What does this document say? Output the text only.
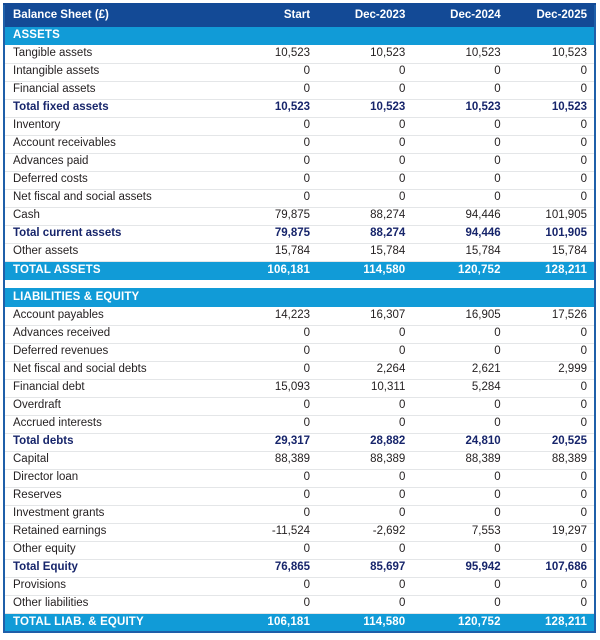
Balance Sheet (£)	Start	Dec-2023	Dec-2024	Dec-2025
ASSETS				
Tangible assets	10,523	10,523	10,523	10,523
Intangible assets	0	0	0	0
Financial assets	0	0	0	0
Total fixed assets	10,523	10,523	10,523	10,523
Inventory	0	0	0	0
Account receivables	0	0	0	0
Advances paid	0	0	0	0
Deferred costs	0	0	0	0
Net fiscal and social assets	0	0	0	0
Cash	79,875	88,274	94,446	101,905
Total current assets	79,875	88,274	94,446	101,905
Other assets	15,784	15,784	15,784	15,784
TOTAL ASSETS	106,181	114,580	120,752	128,211

LIABILITIES & EQUITY				
Account payables	14,223	16,307	16,905	17,526
Advances received	0	0	0	0
Deferred revenues	0	0	0	0
Net fiscal and social debts	0	2,264	2,621	2,999
Financial debt	15,093	10,311	5,284	0
Overdraft	0	0	0	0
Accrued interests	0	0	0	0
Total debts	29,317	28,882	24,810	20,525
Capital	88,389	88,389	88,389	88,389
Director loan	0	0	0	0
Reserves	0	0	0	0
Investment grants	0	0	0	0
Retained earnings	-11,524	-2,692	7,553	19,297
Other equity	0	0	0	0
Total Equity	76,865	85,697	95,942	107,686
Provisions	0	0	0	0
Other liabilities	0	0	0	0
TOTAL LIAB. & EQUITY	106,181	114,580	120,752	128,211
